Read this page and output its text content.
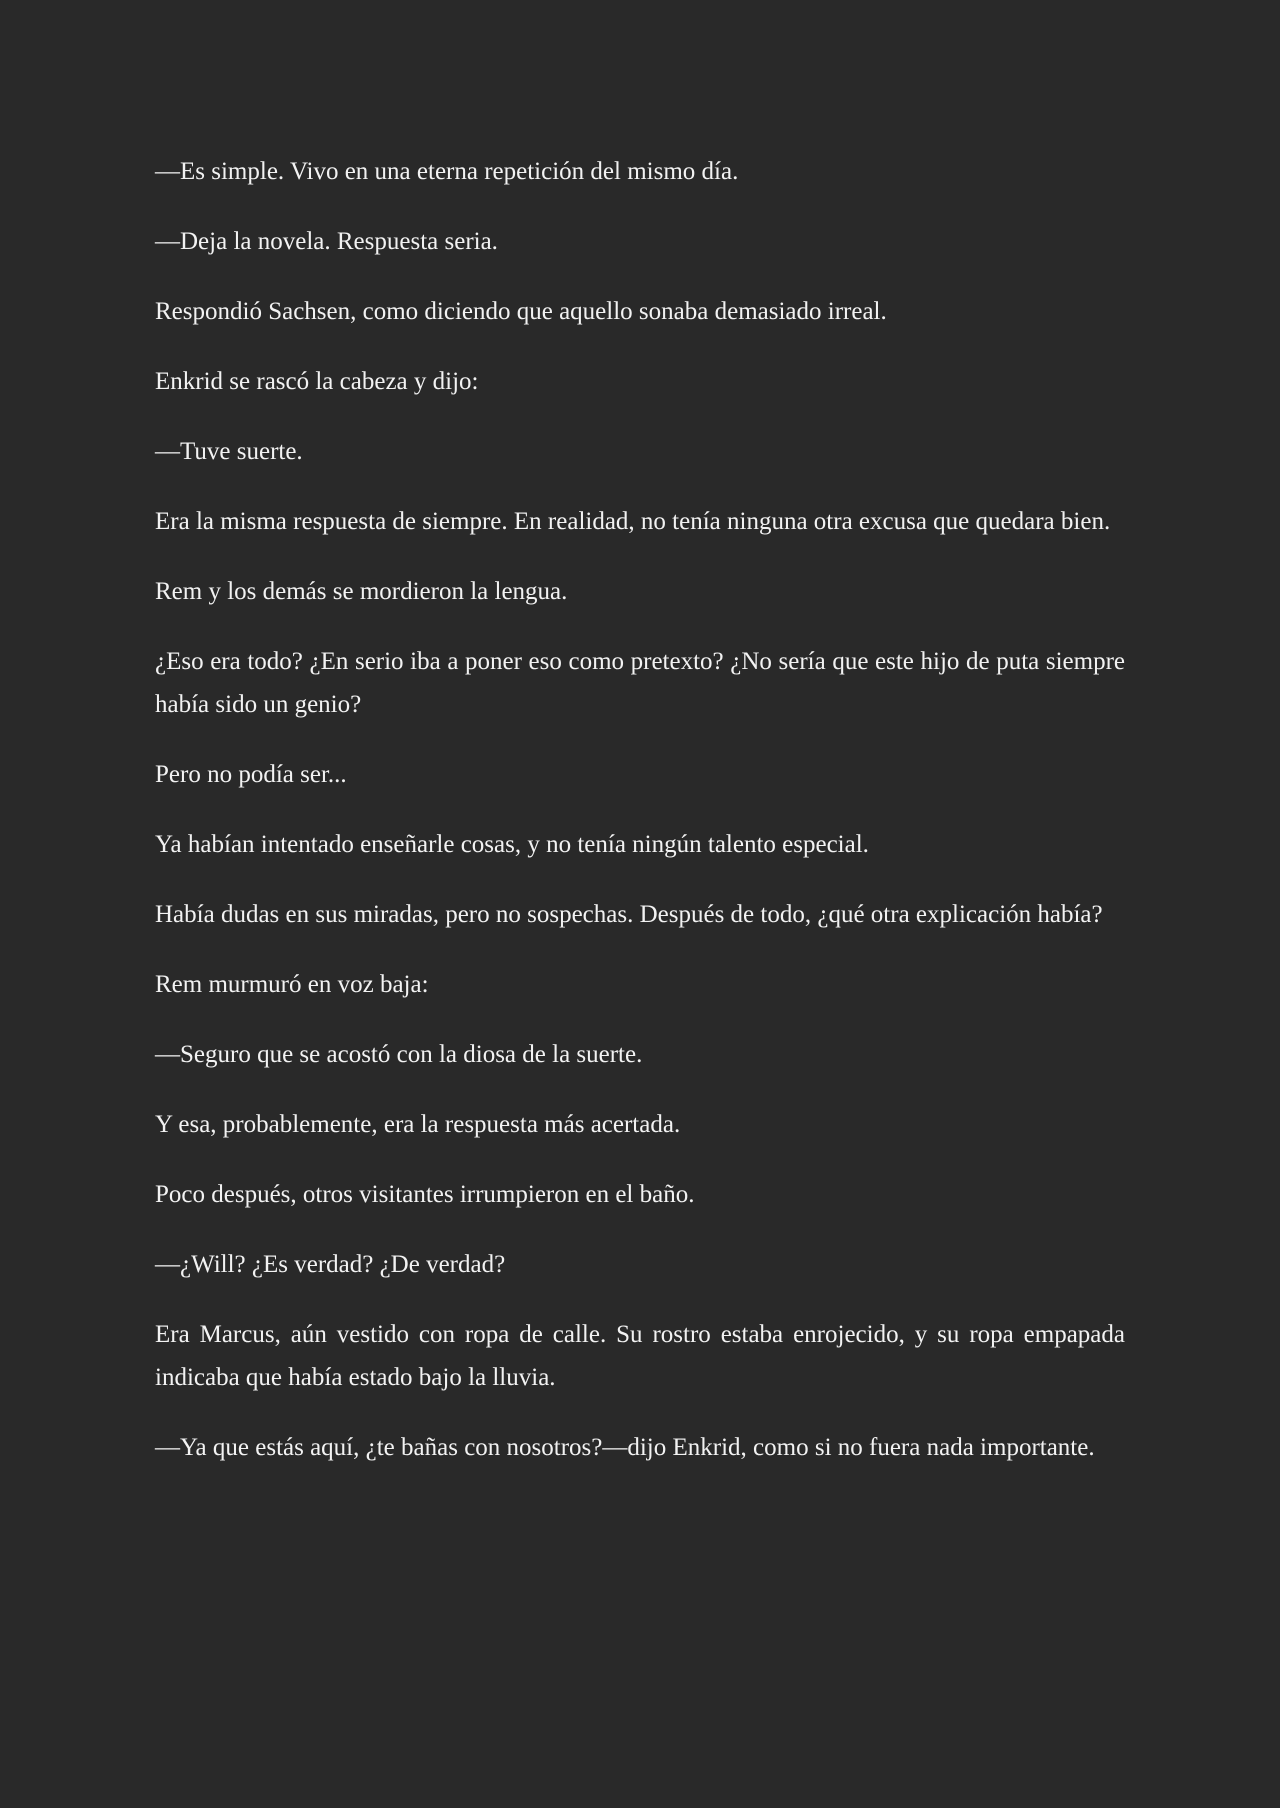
—Es simple. Vivo en una eterna repetición del mismo día.

—Deja la novela. Respuesta seria.

Respondió Sachsen, como diciendo que aquello sonaba demasiado irreal.

Enkrid se rascó la cabeza y dijo:

—Tuve suerte.

Era la misma respuesta de siempre. En realidad, no tenía ninguna otra excusa que quedara bien.

Rem y los demás se mordieron la lengua.

¿Eso era todo? ¿En serio iba a poner eso como pretexto? ¿No sería que este hijo de puta siempre había sido un genio?

Pero no podía ser...

Ya habían intentado enseñarle cosas, y no tenía ningún talento especial.

Había dudas en sus miradas, pero no sospechas. Después de todo, ¿qué otra explicación había?

Rem murmuró en voz baja:

—Seguro que se acostó con la diosa de la suerte.

Y esa, probablemente, era la respuesta más acertada.

Poco después, otros visitantes irrumpieron en el baño.

—¿Will? ¿Es verdad? ¿De verdad?

Era Marcus, aún vestido con ropa de calle. Su rostro estaba enrojecido, y su ropa empapada indicaba que había estado bajo la lluvia.

—Ya que estás aquí, ¿te bañas con nosotros?—dijo Enkrid, como si no fuera nada importante.
